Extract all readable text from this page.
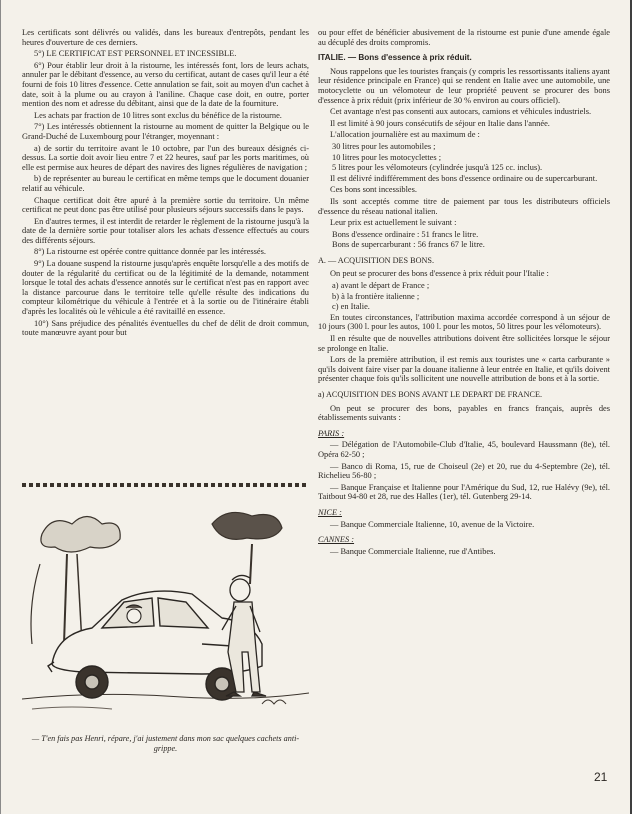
Les certificats sont délivrés ou validés, dans les bureaux d'entrepôts, pendant les heures d'ouverture de ces derniers.

5°) LE CERTIFICAT EST PERSONNEL ET INCESSIBLE.

6°) Pour établir leur droit à la ristourne, les intéressés font, lors de leurs achats, annuler par le débitant d'essence, au verso du certificat, autant de cases qu'il leur a été fourni de fois 10 litres d'essence. Cette annulation se fait, soit au moyen d'un cachet à date, soit à la plume ou au crayon à l'aniline. Chaque case doit, en outre, porter mention des nom et adresse du débitant, ainsi que de la date de la fourniture.

Les achats par fraction de 10 litres sont exclus du bénéfice de la ristourne.

7°) Les intéressés obtiennent la ristourne au moment de quitter la Belgique ou le Grand-Duché de Luxembourg pour l'étranger, moyennant :

a) de sortir du territoire avant le 10 octobre, par l'un des bureaux désignés ci-dessus. La sortie doit avoir lieu entre 7 et 22 heures, sauf par les ports maritimes, où elle est permise aux heures de départ des navires des lignes régulières de navigation ;

b) de représenter au bureau le certificat en même temps que le document douanier relatif au véhicule.

Chaque certificat doit être apuré à la première sortie du territoire. Un même certificat ne peut donc pas être utilisé pour plusieurs séjours successifs dans le pays.

En d'autres termes, il est interdit de retarder le règlement de la ristourne jusqu'à la date de la dernière sortie pour totaliser alors les achats d'essence effectués au cours des différents séjours.

8°) La ristourne est opérée contre quittance donnée par les intéressés.

9°) La douane suspend la ristourne jusqu'après enquête lorsqu'elle a des motifs de douter de la régularité du certificat ou de la légitimité de la demande, notamment lorsque le total des achats d'essence annotés sur le certificat n'est pas en rapport avec la distance parcourue dans le territoire telle qu'elle résulte des indications du compteur kilométrique du véhicule à l'entrée et à la sortie ou de l'itinéraire établi d'après les localités où le véhicule a été ravitaillé en essence.

10°) Sans préjudice des pénalités éventuelles du chef de délit de droit commun, toute manœuvre ayant pour but

— T'en fais pas Henri, répare, j'ai justement dans mon sac quelques cachets anti-grippe.

ou pour effet de bénéficier abusivement de la ristourne est punie d'une amende égale au décuplé des droits compromis.

ITALIE. — Bons d'essence à prix réduit.

Nous rappelons que les touristes français (y compris les ressortissants italiens ayant leur résidence principale en France) qui se rendent en Italie avec une automobile, une motocyclette ou un vélomoteur de leur propriété peuvent se procurer des bons d'essence à prix réduit (prix inférieur de 30 % environ au cours officiel).

Cet avantage n'est pas consenti aux autocars, camions et véhicules industriels.

Il est limité à 90 jours consécutifs de séjour en Italie dans l'année.

L'allocation journalière est au maximum de :

30 litres pour les automobiles ;
10 litres pour les motocyclettes ;
5 litres pour les vélomoteurs (cylindrée jusqu'à 125 cc. inclus).

Il est délivré indifféremment des bons d'essence ordinaire ou de supercarburant.

Ces bons sont incessibles.

Ils sont acceptés comme titre de paiement par tous les distributeurs officiels d'essence du réseau national italien.

Leur prix est actuellement le suivant :

Bons d'essence ordinaire : 51 francs le litre.
Bons de supercarburant : 56 francs 67 le litre.
A. — ACQUISITION DES BONS.

On peut se procurer des bons d'essence à prix réduit pour l'Italie :

a) avant le départ de France ;
b) à la frontière italienne ;
c) en Italie.

En toutes circonstances, l'attribution maxima accordée correspond à un séjour de 10 jours (300 l. pour les autos, 100 l. pour les motos, 50 litres pour les vélomoteurs).

Il en résulte que de nouvelles attributions doivent être sollicitées lorsque le séjour se prolonge en Italie.

Lors de la première attribution, il est remis aux touristes une « carta carburante » qu'ils doivent faire viser par la douane italienne à leur entrée en Italie, et qu'ils doivent présenter chaque fois qu'ils sollicitent une nouvelle attribution de bons et à la sortie.

a) ACQUISITION DES BONS AVANT LE DEPART DE FRANCE.

On peut se procurer des bons, payables en francs français, auprès des établissements suivants :

PARIS :

— Délégation de l'Automobile-Club d'Italie, 45, boulevard Haussmann (8e), tél. Opéra 62-50 ;

— Banco di Roma, 15, rue de Choiseul (2e) et 20, rue du 4-Septembre (2e), tél. Richelieu 56-80 ;

— Banque Française et Italienne pour l'Amérique du Sud, 12, rue Halévy (9e), tél. Taitbout 94-80 et 28, rue des Halles (1er), tél. Gutenberg 29-14.

NICE :

— Banque Commerciale Italienne, 10, avenue de la Victoire.

CANNES :

— Banque Commerciale Italienne, rue d'Antibes.

21
